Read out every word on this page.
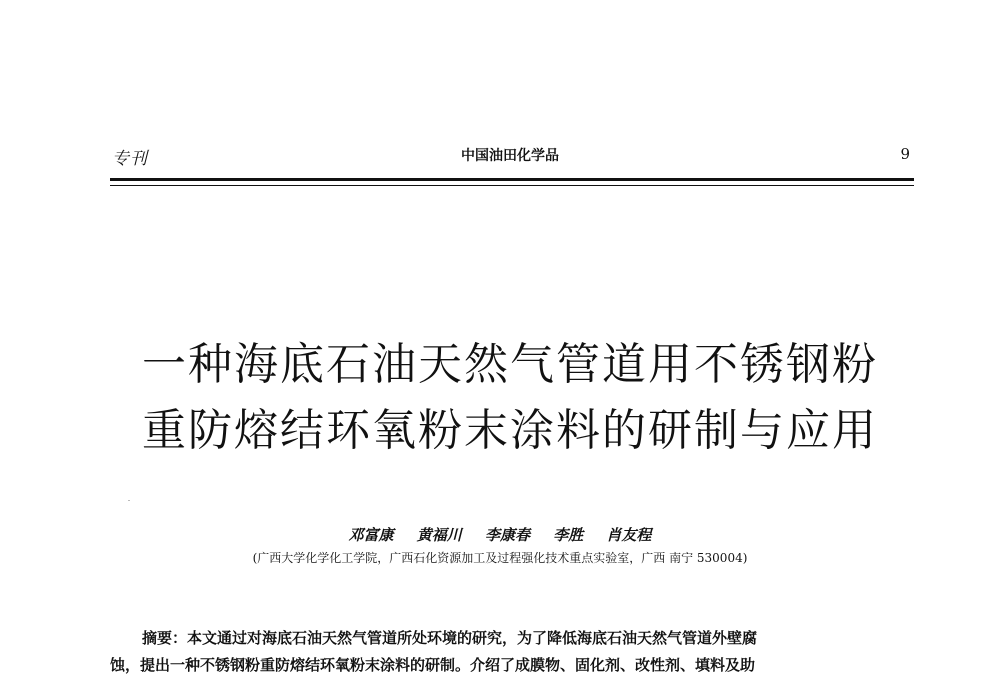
专刊	中国油田化学品	9
一种海底石油天然气管道用不锈钢粉
重防熔结环氧粉末涂料的研制与应用
邓富康 黄福川 李康春 李胜 肖友程
(广西大学化学化工学院，广西石化资源加工及过程强化技术重点实验室，广西 南宁 530004)

摘要：本文通过对海底石油天然气管道所处环境的研究，为了降低海底石油天然气管道外壁腐
蚀，提出一种不锈钢粉重防熔结环氧粉末涂料的研制。介绍了成膜物、固化剂、改性剂、填料及助
